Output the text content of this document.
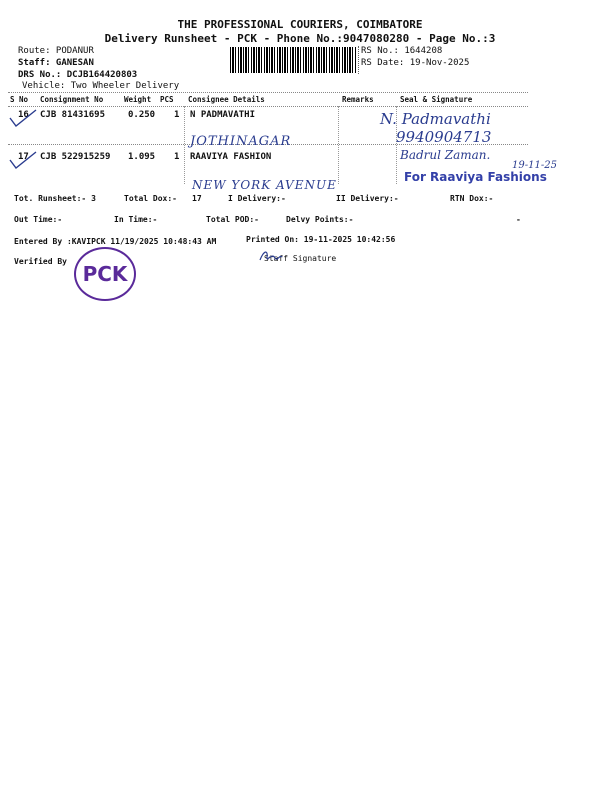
THE PROFESSIONAL COURIERS, COIMBATORE
Delivery Runsheet - PCK - Phone No.:9047080280 - Page No.:3
Route: PODANUR
Staff: GANESAN
DRS No.: DCJB164420803
Vehicle: Two Wheeler Delivery
RS No.: 1644208
RS Date: 19-Nov-2025
S No Consignment No	Weight PCS Consignee Details	Remarks	Seal & Signature
16 CJB 81431695	0.250 1 N PADMAVATHI
17 CJB 522915259 1.095 1 RAAVIYA FASHION
N. Padmavathi
9940904713
Badrul Zaman.
19-11-25
JOTHINAGAR
NEW YORK AVENUE
For Raaviya Fashions
Tot. Runsheet:- 3	Total Dox:- 17	I Delivery:-	II Delivery:-	RTN Dox:-
Out Time:-	In Time:-	Total POD:-	Delvy Points:-	-
Entered By :KAVIPCK 11/19/2025 10:48:43 AM	Printed On: 19-11-2025 10:42:56
Verified By	Staff Signature
PCK
